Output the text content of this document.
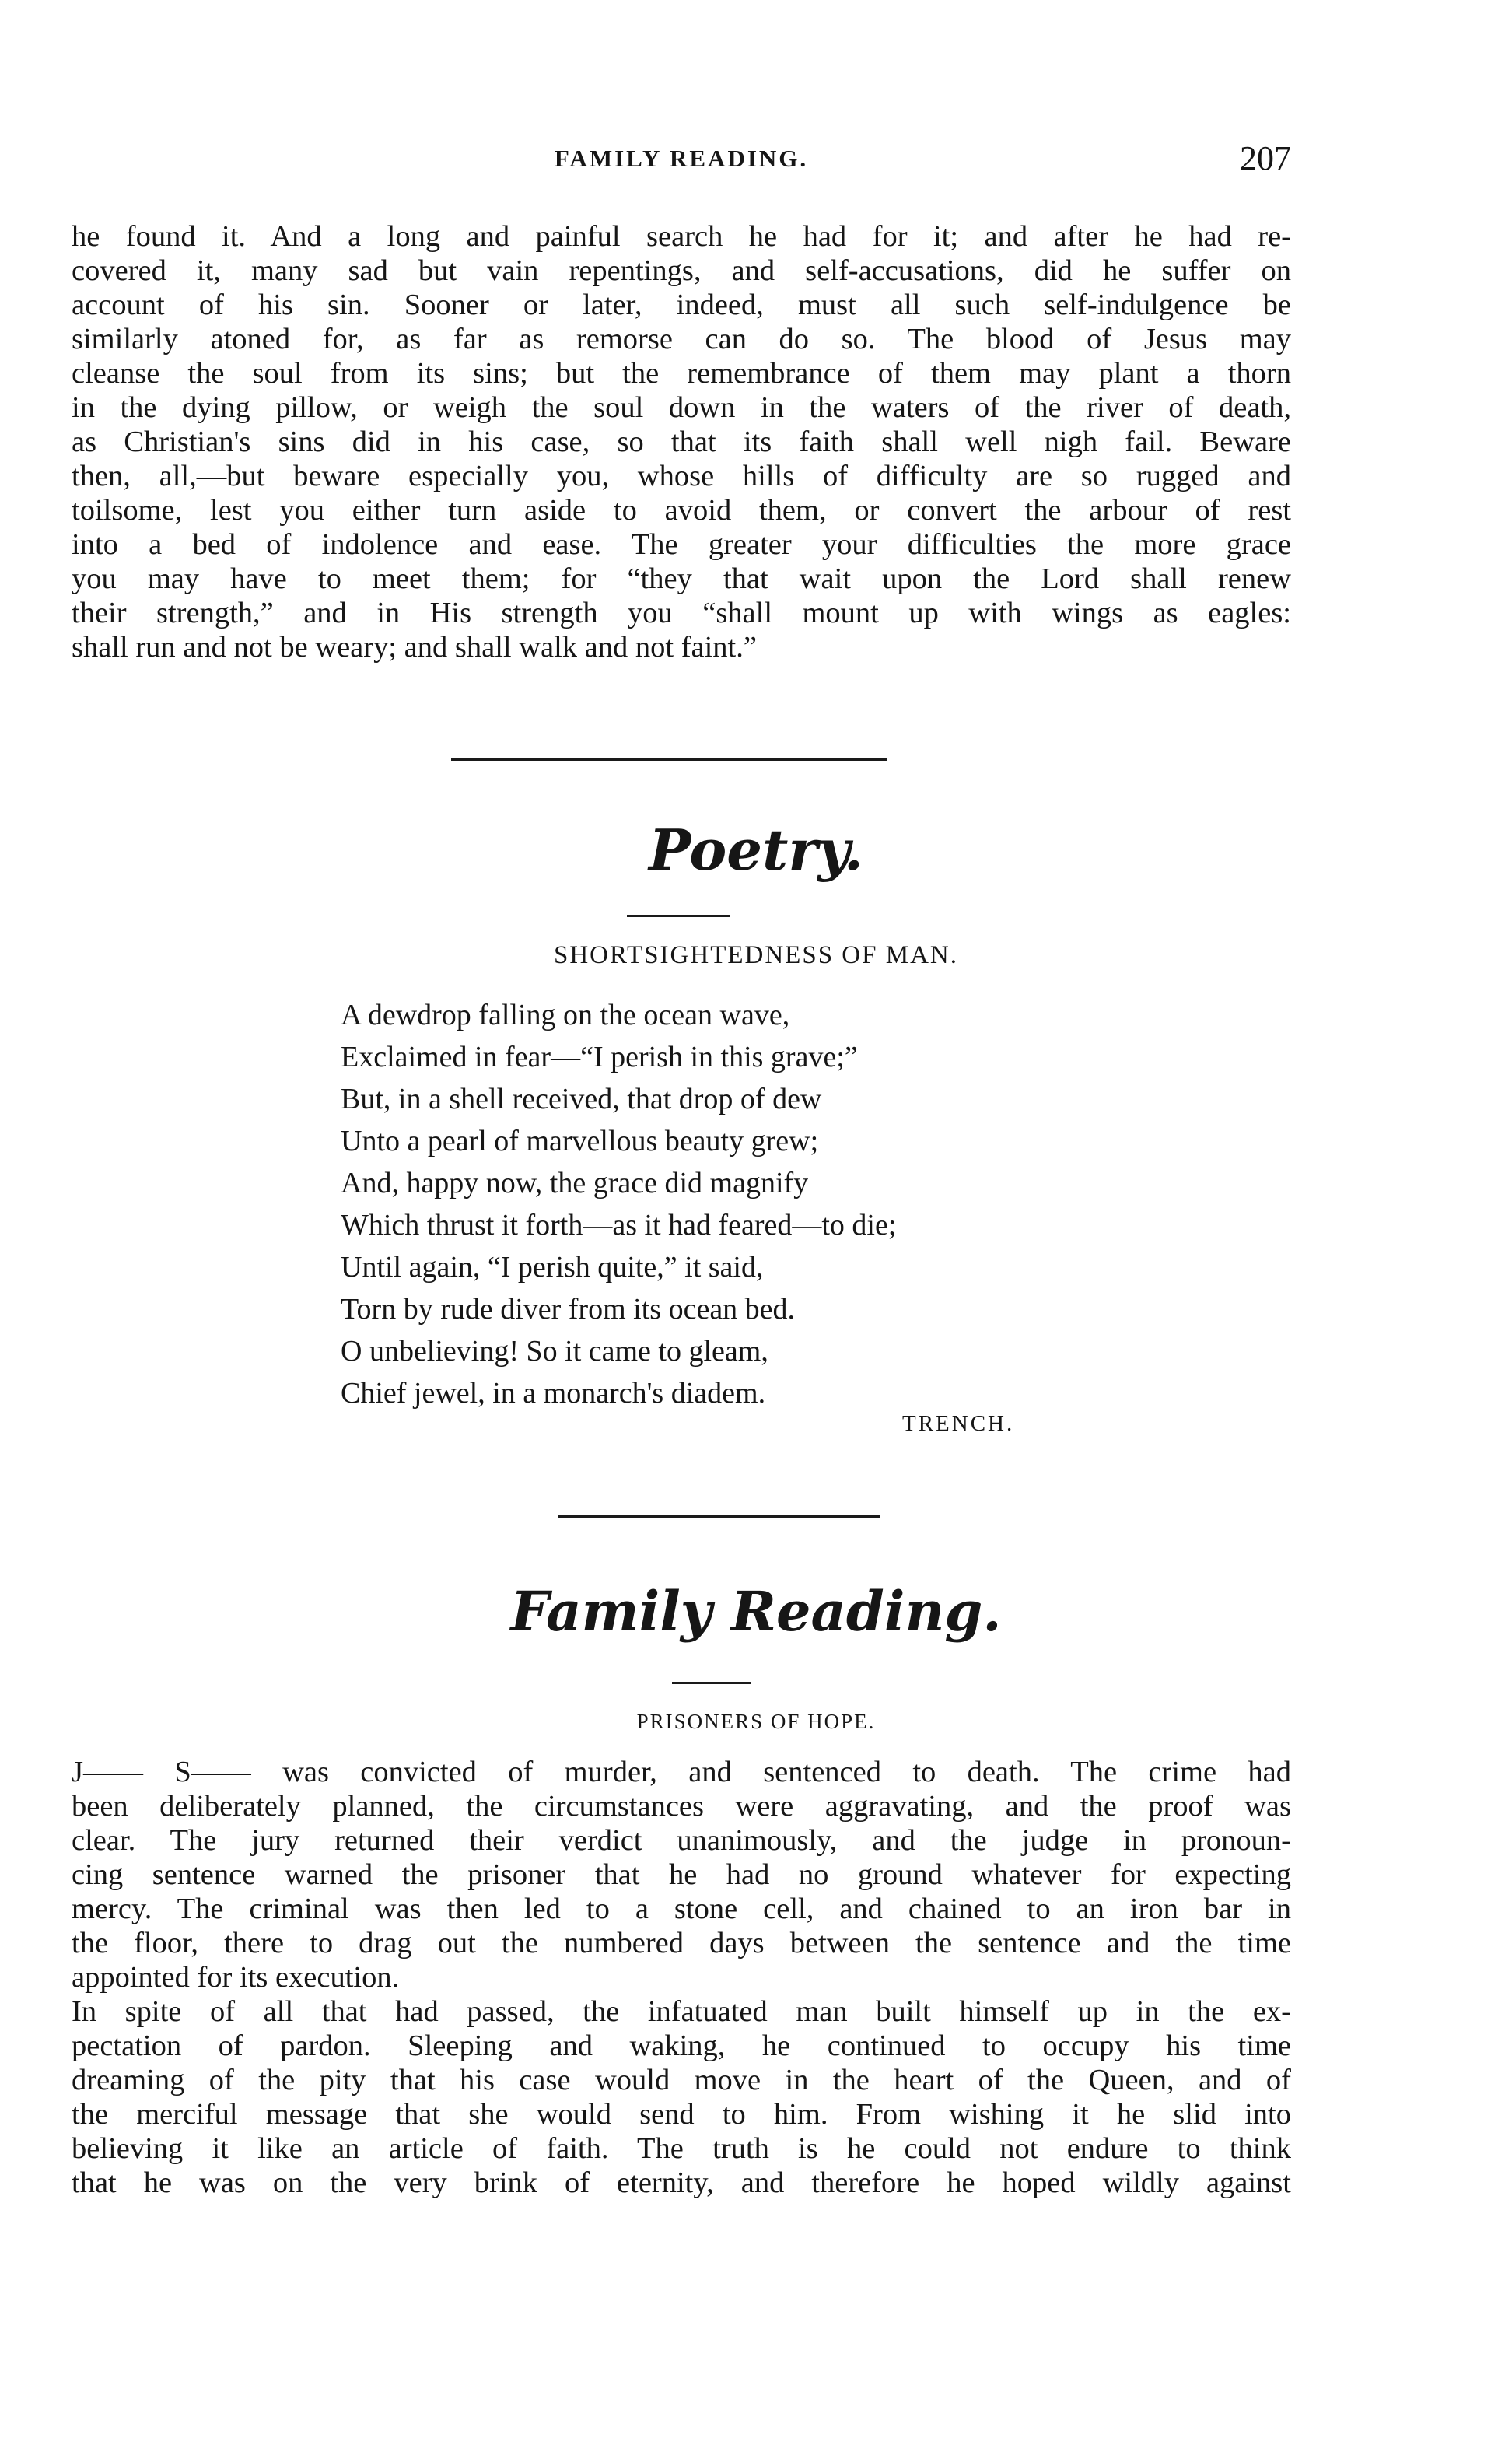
FAMILY READING.	207
he found it. And a long and painful search he had for it; and after he had re-
covered it, many sad but vain repentings, and self-accusations, did he suffer on
account of his sin. Sooner or later, indeed, must all such self-indulgence be
similarly atoned for, as far as remorse can do so. The blood of Jesus may
cleanse the soul from its sins; but the remembrance of them may plant a thorn
in the dying pillow, or weigh the soul down in the waters of the river of death,
as Christian's sins did in his case, so that its faith shall well nigh fail. Beware
then, all,—but beware especially you, whose hills of difficulty are so rugged and
toilsome, lest you either turn aside to avoid them, or convert the arbour of rest
into a bed of indolence and ease. The greater your difficulties the more grace
you may have to meet them; for “they that wait upon the Lord shall renew
their strength,” and in His strength you “shall mount up with wings as eagles:
shall run and not be weary; and shall walk and not faint.”
Poetry.
SHORTSIGHTEDNESS OF MAN.
A dewdrop falling on the ocean wave,
Exclaimed in fear—“I perish in this grave;”
But, in a shell received, that drop of dew
Unto a pearl of marvellous beauty grew;
And, happy now, the grace did magnify
Which thrust it forth—as it had feared—to die;
Until again, “I perish quite,” it said,
Torn by rude diver from its ocean bed.
O unbelieving! So it came to gleam,
Chief jewel, in a monarch's diadem.
TRENCH.
Family Reading.
PRISONERS OF HOPE.
J—— S—— was convicted of murder, and sentenced to death. The crime had
been deliberately planned, the circumstances were aggravating, and the proof was
clear. The jury returned their verdict unanimously, and the judge in pronoun-
cing sentence warned the prisoner that he had no ground whatever for expecting
mercy. The criminal was then led to a stone cell, and chained to an iron bar in
the floor, there to drag out the numbered days between the sentence and the time
appointed for its execution.
In spite of all that had passed, the infatuated man built himself up in the ex-
pectation of pardon. Sleeping and waking, he continued to occupy his time
dreaming of the pity that his case would move in the heart of the Queen, and of
the merciful message that she would send to him. From wishing it he slid into
believing it like an article of faith. The truth is he could not endure to think
that he was on the very brink of eternity, and therefore he hoped wildly against
